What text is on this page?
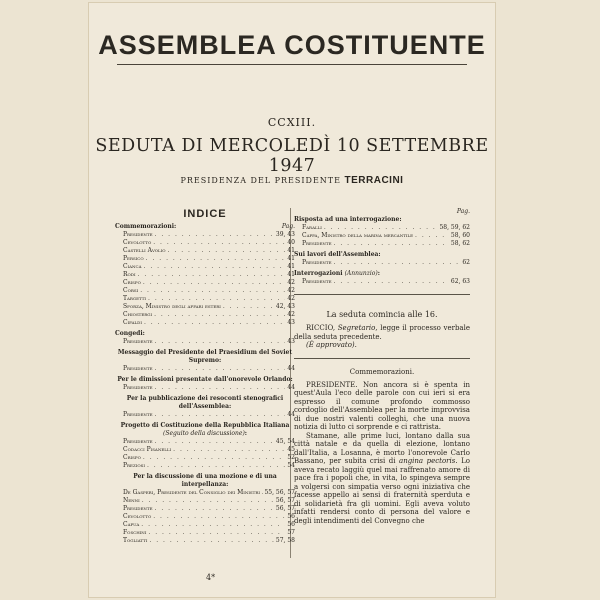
ASSEMBLEA COSTITUENTE
CCXIII.
SEDUTA DI MERCOLEDÌ 10 SETTEMBRE 1947
PRESIDENZA DEL PRESIDENTE TERRACINI
INDICE
Commemorazioni:	Pag.
Presidente . . .	39, 43
Cevolotto . . .	40
Castelli Avolio . . .	41
Persico . . .	41
Cianca . . .	41
Rodi . . .	41
Crispo . . .	42
Corsi . . .	42
Targetti . . .	42
Sforza, Ministro degli affari esteri . . .	42, 43
Chiostergi . . .	42
Cifaldi . . .	43
Congedi:
Presidente . . .	43
Messaggio del Presidente del Praesidium del Soviet Supremo:
Presidente . . .	44
Per le dimissioni presentate dall'onorevole Orlando:
Presidente . . .	44
Per la pubblicazione dei resoconti stenografici dell'Assemblea:
Presidente . . .	44
Progetto di Costituzione della Repubblica Italiana (Seguito della discussione):
Presidente . . .	45, 54
Codacci Pisanelli . . .	45
Crispo . . .	52
Preziosi . . .	54
Per la discussione di una mozione e di una interpellanza:
De Gasperi, Presidente del Consiglio dei Ministri . . . 55, 56, 57
Nenni . . .	56, 57
Presidente . . .	56, 57
Cevolotto . . .	56
Capua . . .	56
Foschini . . .	57
Togliatti . . .	57, 58
Pag.
Risposta ad una interrogazione:
Faralli . . .	58, 59, 62
Cappa, Ministro della marina mercantile . . .	58, 60
Presidente . . .	58, 62
Sui lavori dell'Assemblea:
Presidente . . .	62
Interrogazioni (Annunzio):
Presidente . . .	62, 63
La seduta comincia alle 16.
RICCIO, Segretario, legge il processo verbale della seduta precedente.
(È approvato).
Commemorazioni.
PRESIDENTE. Non ancora si è spenta in quest'Aula l'eco delle parole con cui ieri si era espresso il comune profondo commosso cordoglio dell'Assemblea per la morte improvvisa di due nostri valenti colleghi, che una nuova notizia di lutto ci sorprende e ci rattrista.
Stamane, alle prime luci, lontano dalla sua città natale e da quella di elezione, lontano dall'Italia, a Losanna, è morto l'onorevole Carlo Bassano, per subita crisi di angina pectoris. Lo aveva recato laggiù quel mai raffrenato amore di pace fra i popoli che, in vita, lo spingeva sempre a volgersi con simpatia verso ogni iniziativa che facesse appello ai sensi di fraternità sperduta e di solidarietà fra gli uomini. Egli aveva voluto infatti rendersi conto di persona del valore e degli intendimenti del Convegno che
4*
